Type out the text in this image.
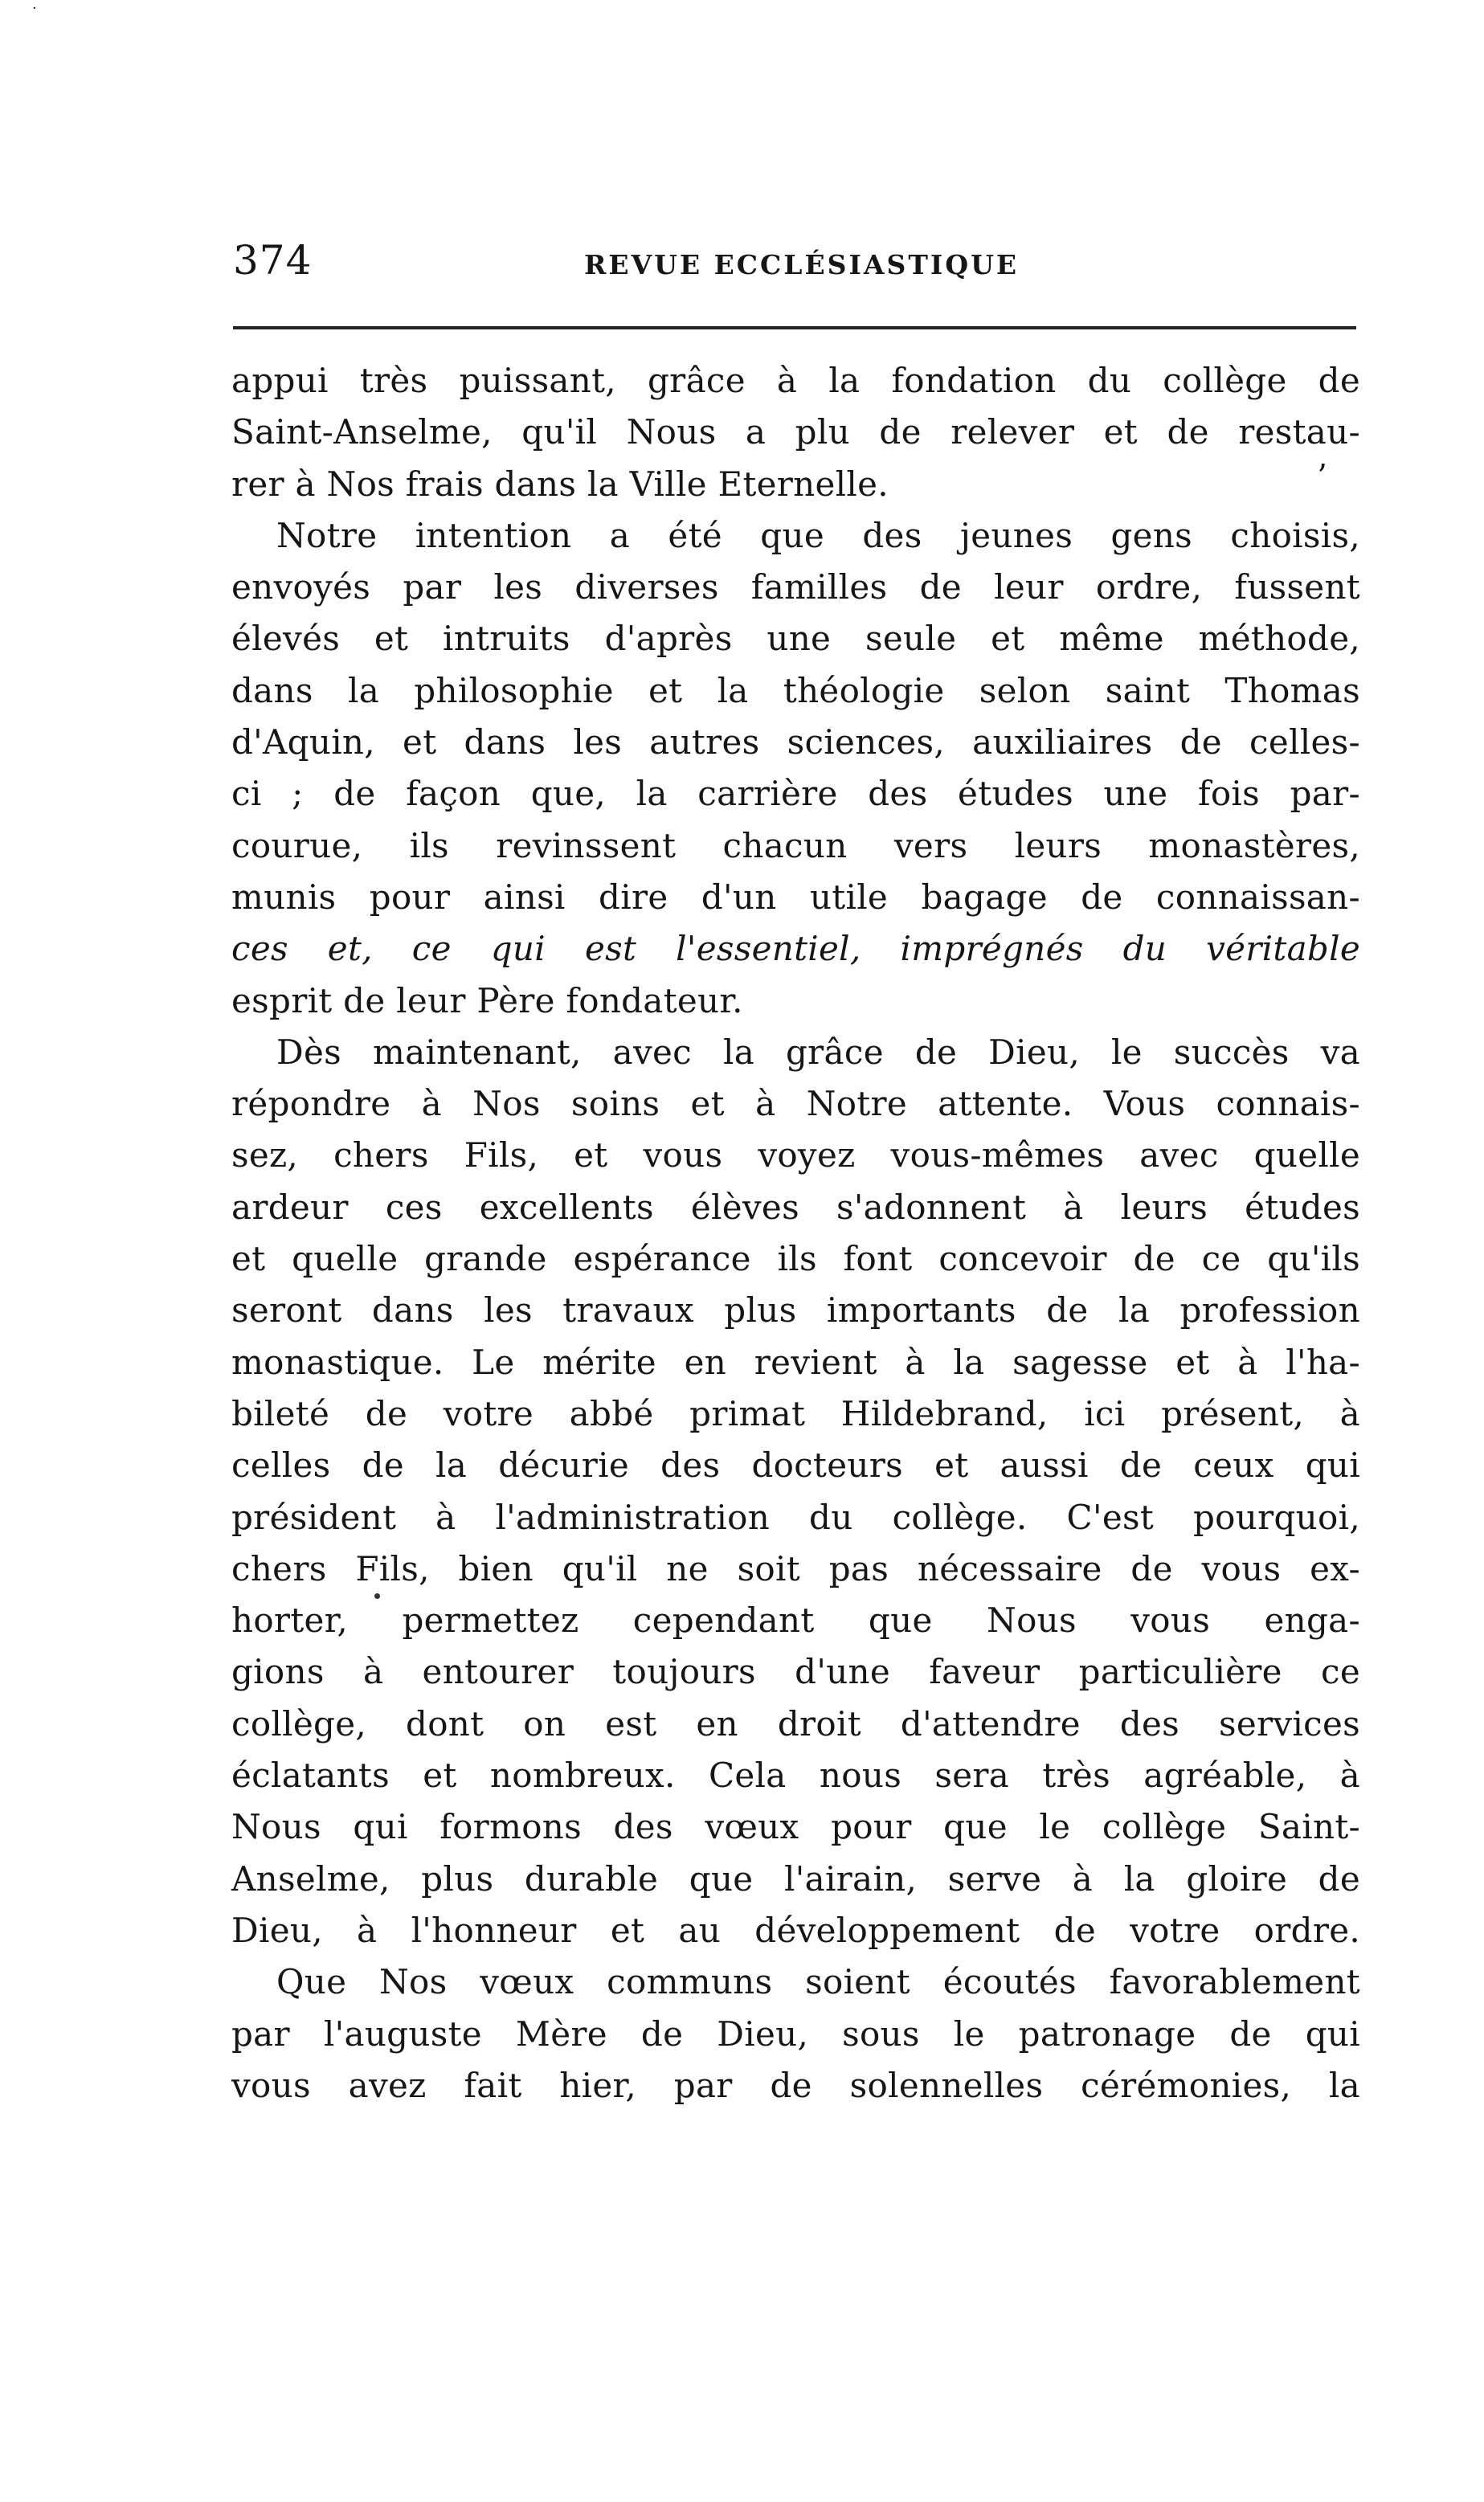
·
374	REVUE ECCLÉSIASTIQUE
appui très puissant, grâce à la fondation du collège de
Saint-Anselme, qu'il Nous a plu de relever et de restau-
rer à Nos frais dans la Ville Eternelle.
Notre intention a été que des jeunes gens choisis,
envoyés par les diverses familles de leur ordre, fussent
élevés et intruits d'après une seule et même méthode,
dans la philosophie et la théologie selon saint Thomas
d'Aquin, et dans les autres sciences, auxiliaires de celles-
ci ; de façon que, la carrière des études une fois par-
courue, ils revinssent chacun vers leurs monastères,
munis pour ainsi dire d'un utile bagage de connaissan-
ces et, ce qui est l'essentiel, imprégnés du véritable
esprit de leur Père fondateur.
Dès maintenant, avec la grâce de Dieu, le succès va
répondre à Nos soins et à Notre attente. Vous connais-
sez, chers Fils, et vous voyez vous-mêmes avec quelle
ardeur ces excellents élèves s'adonnent à leurs études
et quelle grande espérance ils font concevoir de ce qu'ils
seront dans les travaux plus importants de la profession
monastique. Le mérite en revient à la sagesse et à l'ha-
bileté de votre abbé primat Hildebrand, ici présent, à
celles de la décurie des docteurs et aussi de ceux qui
président à l'administration du collège. C'est pourquoi,
chers Fils, bien qu'il ne soit pas nécessaire de vous ex-
horter, permettez cependant que Nous vous enga-
gions à entourer toujours d'une faveur particulière ce
collège, dont on est en droit d'attendre des services
éclatants et nombreux. Cela nous sera très agréable, à
Nous qui formons des vœux pour que le collège Saint-
Anselme, plus durable que l'airain, serve à la gloire de
Dieu, à l'honneur et au développement de votre ordre.
Que Nos vœux communs soient écoutés favorablement
par l'auguste Mère de Dieu, sous le patronage de qui
vous avez fait hier, par de solennelles cérémonies, la
ʼ
